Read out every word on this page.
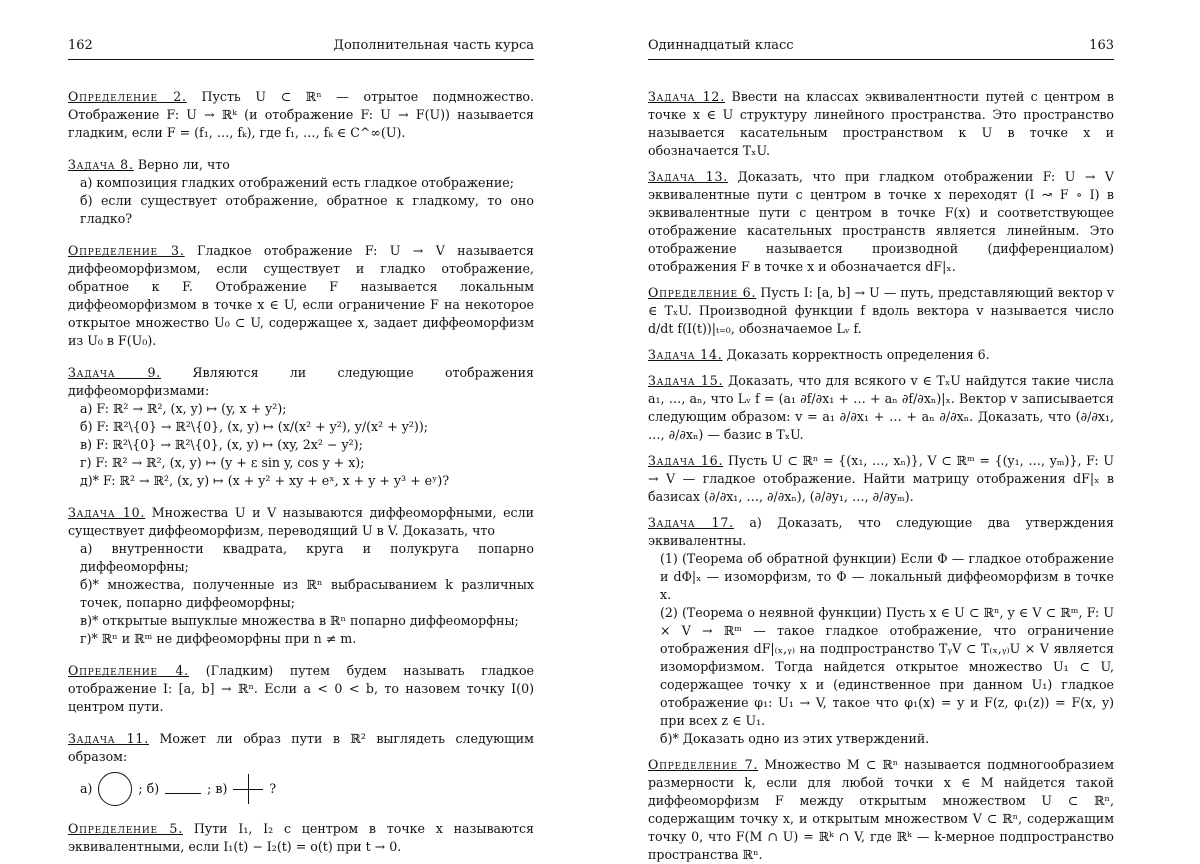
162	Дополнительная часть курса
Определение 2. Пусть U ⊂ ℝⁿ — отрытое подмножество. Отображение F: U → ℝᵏ (и отображение F: U → F(U)) называется гладким, если F = (f₁, …, fₖ), где f₁, …, fₖ ∈ C^∞(U).
Задача 8. Верно ли, что
а) композиция гладких отображений есть гладкое отображение;
б) если существует отображение, обратное к гладкому, то оно гладко?
Определение 3. Гладкое отображение F: U → V называется диффеоморфизмом, если существует и гладко отображение, обратное к F. Отображение F называется локальным диффеоморфизмом в точке x ∈ U, если ограничение F на некоторое открытое множество U₀ ⊂ U, содержащее x, задает диффеоморфизм из U₀ в F(U₀).
Задача 9. Являются ли следующие отображения диффеоморфизмами:
а) F: ℝ² → ℝ², (x, y) ↦ (y, x + y²);
б) F: ℝ²\{0} → ℝ²\{0}, (x, y) ↦ (x/(x² + y²), y/(x² + y²));
в) F: ℝ²\{0} → ℝ²\{0}, (x, y) ↦ (xy, 2x² − y²);
г) F: ℝ² → ℝ², (x, y) ↦ (y + ε sin y, cos y + x);
д)* F: ℝ² → ℝ², (x, y) ↦ (x + y² + xy + eˣ, x + y + y³ + eʸ)?
Задача 10. Множества U и V называются диффеоморфными, если существует диффеоморфизм, переводящий U в V. Доказать, что
а) внутренности квадрата, круга и полукруга попарно диффеоморфны;
б)* множества, полученные из ℝⁿ выбрасыванием k различных точек, попарно диффеоморфны;
в)* открытые выпуклые множества в ℝⁿ попарно диффеоморфны;
г)* ℝⁿ и ℝᵐ не диффеоморфны при n ≠ m.
Определение 4. (Гладким) путем будем называть гладкое отображение I: [a, b] → ℝⁿ. Если a < 0 < b, то назовем точку I(0) центром пути.
Задача 11. Может ли образ пути в ℝ² выглядеть следующим образом:
а)	; б)	; в)	?
Определение 5. Пути I₁, I₂ с центром в точке x называются эквивалентными, если I₁(t) − I₂(t) = o(t) при t → 0.
Одиннадцатый класс	163
Задача 12. Ввести на классах эквивалентности путей с центром в точке x ∈ U структуру линейного пространства. Это пространство называется касательным пространством к U в точке x и обозначается TₓU.
Задача 13. Доказать, что при гладком отображении F: U → V эквивалентные пути с центром в точке x переходят (I ↝ F ∘ I) в эквивалентные пути с центром в точке F(x) и соответствующее отображение касательных пространств является линейным. Это отображение называется производной (дифференциалом) отображения F в точке x и обозначается dF|ₓ.
Определение 6. Пусть I: [a, b] → U — путь, представляющий вектор v ∈ TₓU. Производной функции f вдоль вектора v называется число d/dt f(I(t))|ₜ₌₀, обозначаемое Lᵥ f.
Задача 14. Доказать корректность определения 6.
Задача 15. Доказать, что для всякого v ∈ TₓU найдутся такие числа a₁, …, aₙ, что Lᵥ f = (a₁ ∂f/∂x₁ + … + aₙ ∂f/∂xₙ)|ₓ. Вектор v записывается следующим образом: v = a₁ ∂/∂x₁ + … + aₙ ∂/∂xₙ. Доказать, что (∂/∂x₁, …, ∂/∂xₙ) — базис в TₓU.
Задача 16. Пусть U ⊂ ℝⁿ = {(x₁, …, xₙ)}, V ⊂ ℝᵐ = {(y₁, …, yₘ)}, F: U → V — гладкое отображение. Найти матрицу отображения dF|ₓ в базисах (∂/∂x₁, …, ∂/∂xₙ), (∂/∂y₁, …, ∂/∂yₘ).
Задача 17. а) Доказать, что следующие два утверждения эквивалентны.
(1) (Теорема об обратной функции) Если Φ — гладкое отображение и dΦ|ₓ — изоморфизм, то Φ — локальный диффеоморфизм в точке x.
(2) (Теорема о неявной функции) Пусть x ∈ U ⊂ ℝⁿ, y ∈ V ⊂ ℝᵐ, F: U × V → ℝᵐ — такое гладкое отображение, что ограничение отображения dF|₍ₓ,ᵧ₎ на подпространство TᵧV ⊂ T₍ₓ,ᵧ₎U × V является изоморфизмом. Тогда найдется открытое множество U₁ ⊂ U, содержащее точку x и (единственное при данном U₁) гладкое отображение φ₁: U₁ → V, такое что φ₁(x) = y и F(z, φ₁(z)) = F(x, y) при всех z ∈ U₁.
б)* Доказать одно из этих утверждений.
Определение 7. Множество M ⊂ ℝⁿ называется подмногообразием размерности k, если для любой точки x ∈ M найдется такой диффеоморфизм F между открытым множеством U ⊂ ℝⁿ, содержащим точку x, и открытым множеством V ⊂ ℝⁿ, содержащим точку 0, что F(M ∩ U) = ℝᵏ ∩ V, где ℝᵏ — k-мерное подпространство пространства ℝⁿ.
